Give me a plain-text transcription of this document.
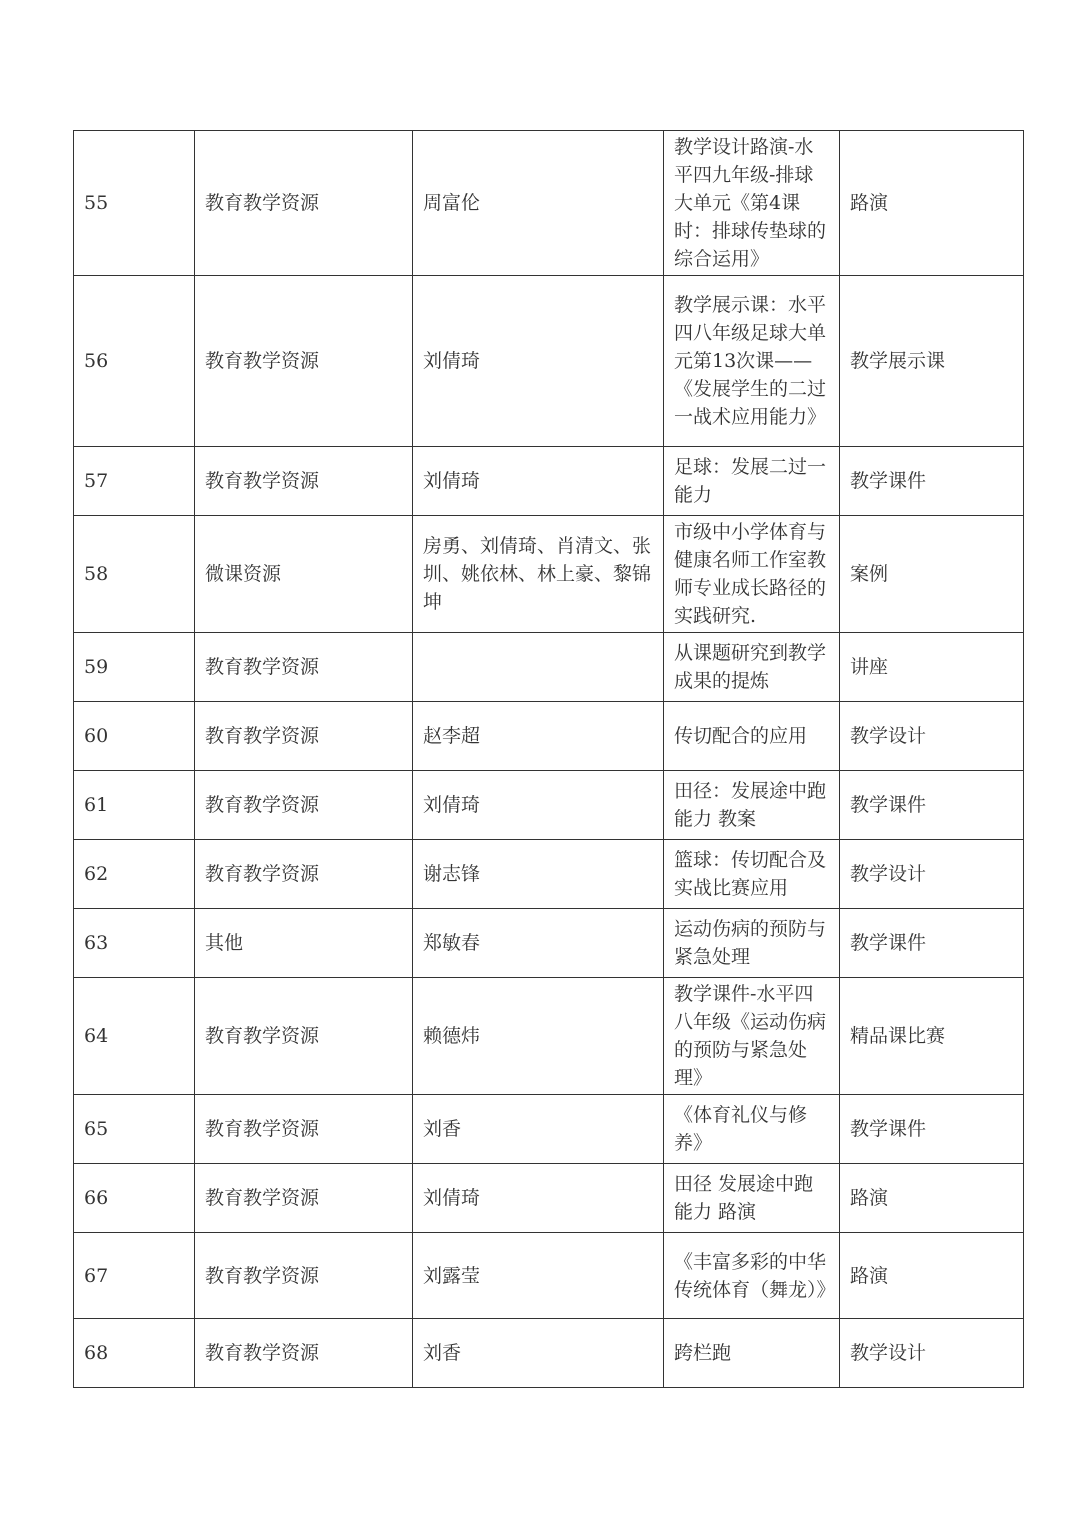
55	教育教学资源	周富伦	教学设计路演-水平四九年级-排球大单元《第4课时：排球传垫球的综合运用》	路演
56	教育教学资源	刘倩琦	教学展示课：水平四八年级足球大单元第13次课——《发展学生的二过一战术应用能力》	教学展示课
57	教育教学资源	刘倩琦	足球：发展二过一能力	教学课件
58	微课资源	房勇、刘倩琦、肖清文、张圳、姚依林、林上豪、黎锦坤	市级中小学体育与健康名师工作室教师专业成长路径的实践研究.	案例
59	教育教学资源		从课题研究到教学成果的提炼	讲座
60	教育教学资源	赵李超	传切配合的应用	教学设计
61	教育教学资源	刘倩琦	田径：发展途中跑能力 教案	教学课件
62	教育教学资源	谢志锋	篮球：传切配合及实战比赛应用	教学设计
63	其他	郑敏春	运动伤病的预防与紧急处理	教学课件
64	教育教学资源	赖德炜	教学课件-水平四八年级《运动伤病的预防与紧急处理》	精品课比赛
65	教育教学资源	刘香	《体育礼仪与修养》	教学课件
66	教育教学资源	刘倩琦	田径 发展途中跑能力 路演	路演
67	教育教学资源	刘露莹	《丰富多彩的中华传统体育（舞龙）》	路演
68	教育教学资源	刘香	跨栏跑	教学设计
